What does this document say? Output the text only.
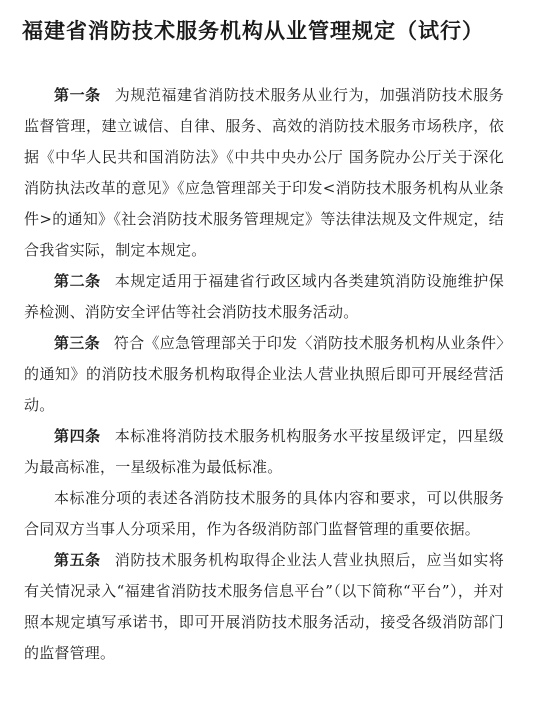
福建省消防技术服务机构从业管理规定（试行）

第一条 为规范福建省消防技术服务从业行为，加强消防技术服务监督管理，建立诚信、自律、服务、高效的消防技术服务市场秩序，依据《中华人民共和国消防法》《中共中央办公厅 国务院办公厅关于深化消防执法改革的意见》《应急管理部关于印发<消防技术服务机构从业条件>的通知》《社会消防技术服务管理规定》等法律法规及文件规定，结合我省实际，制定本规定。

第二条 本规定适用于福建省行政区域内各类建筑消防设施维护保养检测、消防安全评估等社会消防技术服务活动。

第三条 符合《应急管理部关于印发〈消防技术服务机构从业条件〉的通知》的消防技术服务机构取得企业法人营业执照后即可开展经营活动。

第四条 本标准将消防技术服务机构服务水平按星级评定，四星级为最高标准，一星级标准为最低标准。

本标准分项的表述各消防技术服务的具体内容和要求，可以供服务合同双方当事人分项采用，作为各级消防部门监督管理的重要依据。

第五条 消防技术服务机构取得企业法人营业执照后，应当如实将有关情况录入“福建省消防技术服务信息平台”（以下简称“平台”），并对照本规定填写承诺书，即可开展消防技术服务活动，接受各级消防部门的监督管理。
